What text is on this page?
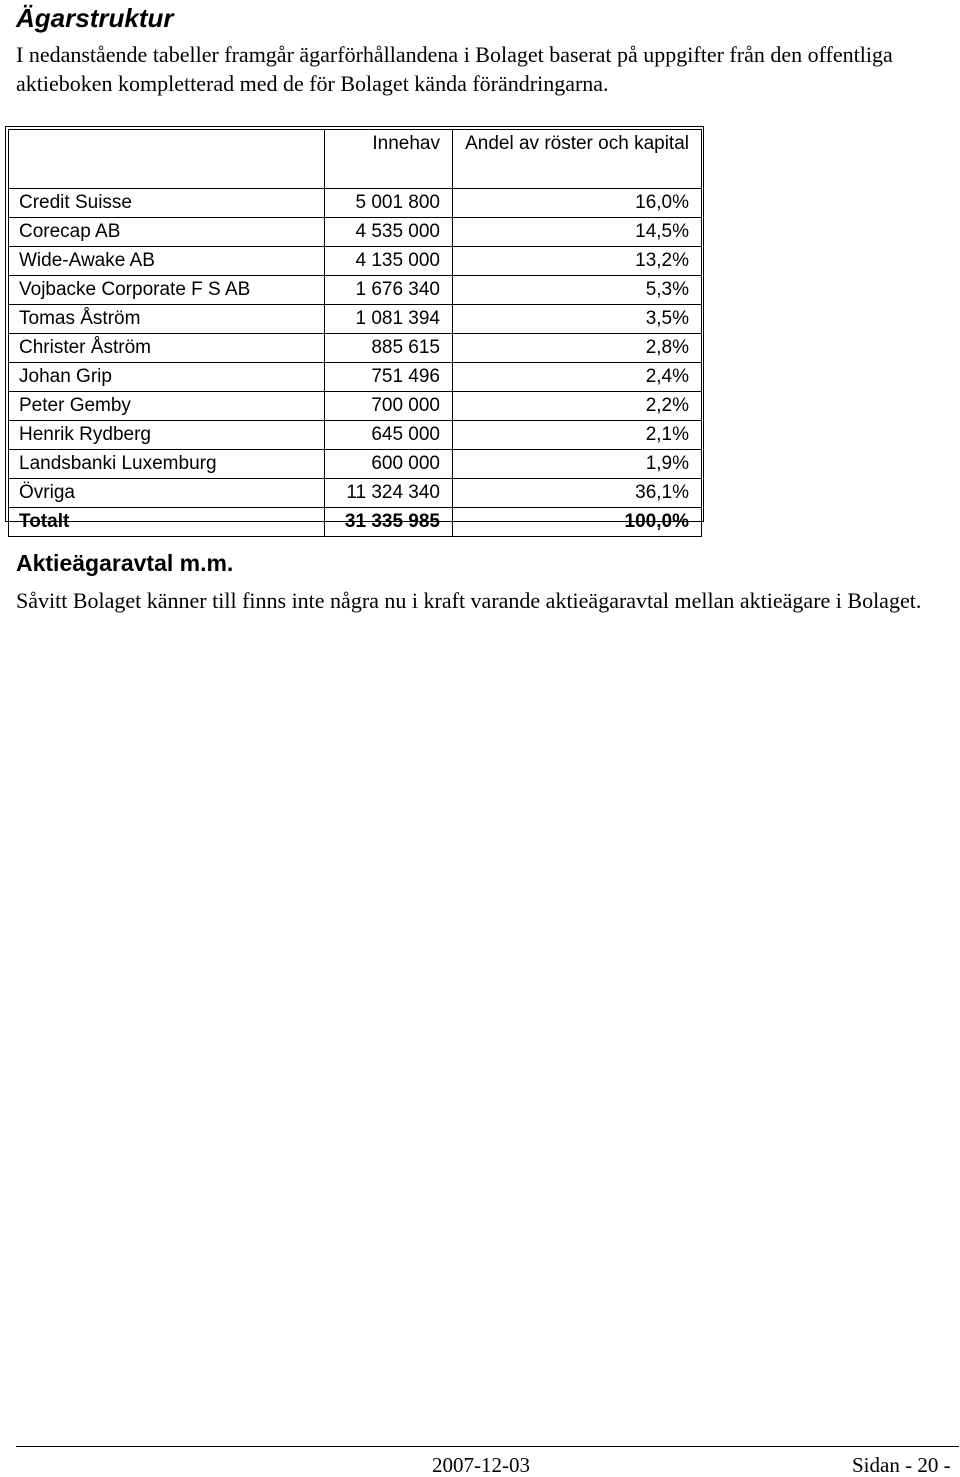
Ägarstruktur

I nedanstående tabeller framgår ägarförhållandena i Bolaget baserat på uppgifter från den offentliga aktieboken kompletterad med de för Bolaget kända förändringarna.

	Innehav	Andel av röster och kapital
Credit Suisse	5 001 800	16,0%
Corecap AB	4 535 000	14,5%
Wide-Awake AB	4 135 000	13,2%
Vojbacke Corporate F S AB	1 676 340	5,3%
Tomas Åström	1 081 394	3,5%
Christer Åström	885 615	2,8%
Johan Grip	751 496	2,4%
Peter Gemby	700 000	2,2%
Henrik Rydberg	645 000	2,1%
Landsbanki Luxemburg	600 000	1,9%
Övriga	11 324 340	36,1%
Totalt	31 335 985	100,0%
Aktieägaravtal m.m.

Såvitt Bolaget känner till finns inte några nu i kraft varande aktieägaravtal mellan aktieägare i Bolaget.

2007-12-03	Sidan - 20 -
